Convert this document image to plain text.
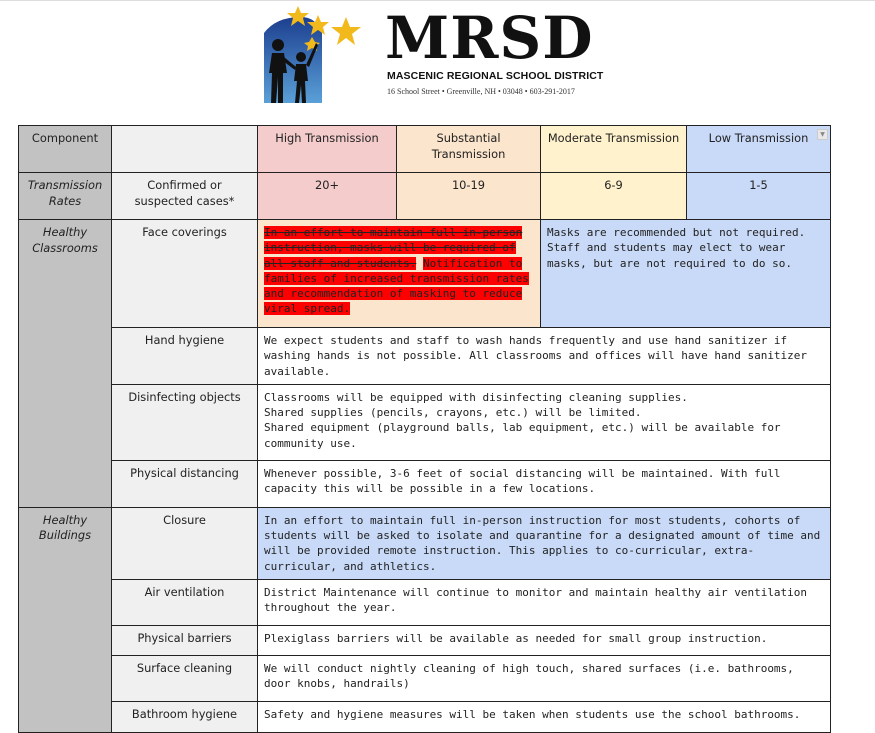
MRSD
MASCENIC REGIONAL SCHOOL DISTRICT
16 School Street • Greenville, NH • 03048 • 603-291-2017
Component		High Transmission	Substantial Transmission	Moderate Transmission	Low Transmission ▼

Transmission Rates	Confirmed or suspected cases*	20+	10-19	6-9	1-5
Healthy Classrooms	Face coverings	In an effort to maintain full in-person instruction, masks will be required of all staff and students. Notification to families of increased transmission rates and recommendation of masking to reduce viral spread.		Masks are recommended but not required. Staff and students may elect to wear masks, but are not required to do so.	
	Hand hygiene	We expect students and staff to wash hands frequently and use hand sanitizer if washing hands is not possible. All classrooms and offices will have hand sanitizer available.			
	Disinfecting objects	Classrooms will be equipped with disinfecting cleaning supplies.
Shared supplies (pencils, crayons, etc.) will be limited.
Shared equipment (playground balls, lab equipment, etc.) will be available for community use.			

	Physical distancing	Whenever possible, 3-6 feet of social distancing will be maintained. With full capacity this will be possible in a few locations.			
Healthy Buildings	Closure	In an effort to maintain full in-person instruction for most students, cohorts of students will be asked to isolate and quarantine for a designated amount of time and will be provided remote instruction. This applies to co-curricular, extra-curricular, and athletics.			
	Air ventilation	District Maintenance will continue to monitor and maintain healthy air ventilation throughout the year.			
	Physical barriers	Plexiglass barriers will be available as needed for small group instruction.			
	Surface cleaning	We will conduct nightly cleaning of high touch, shared surfaces (i.e. bathrooms, door knobs, handrails)			
	Bathroom hygiene	Safety and hygiene measures will be taken when students use the school bathrooms.			
